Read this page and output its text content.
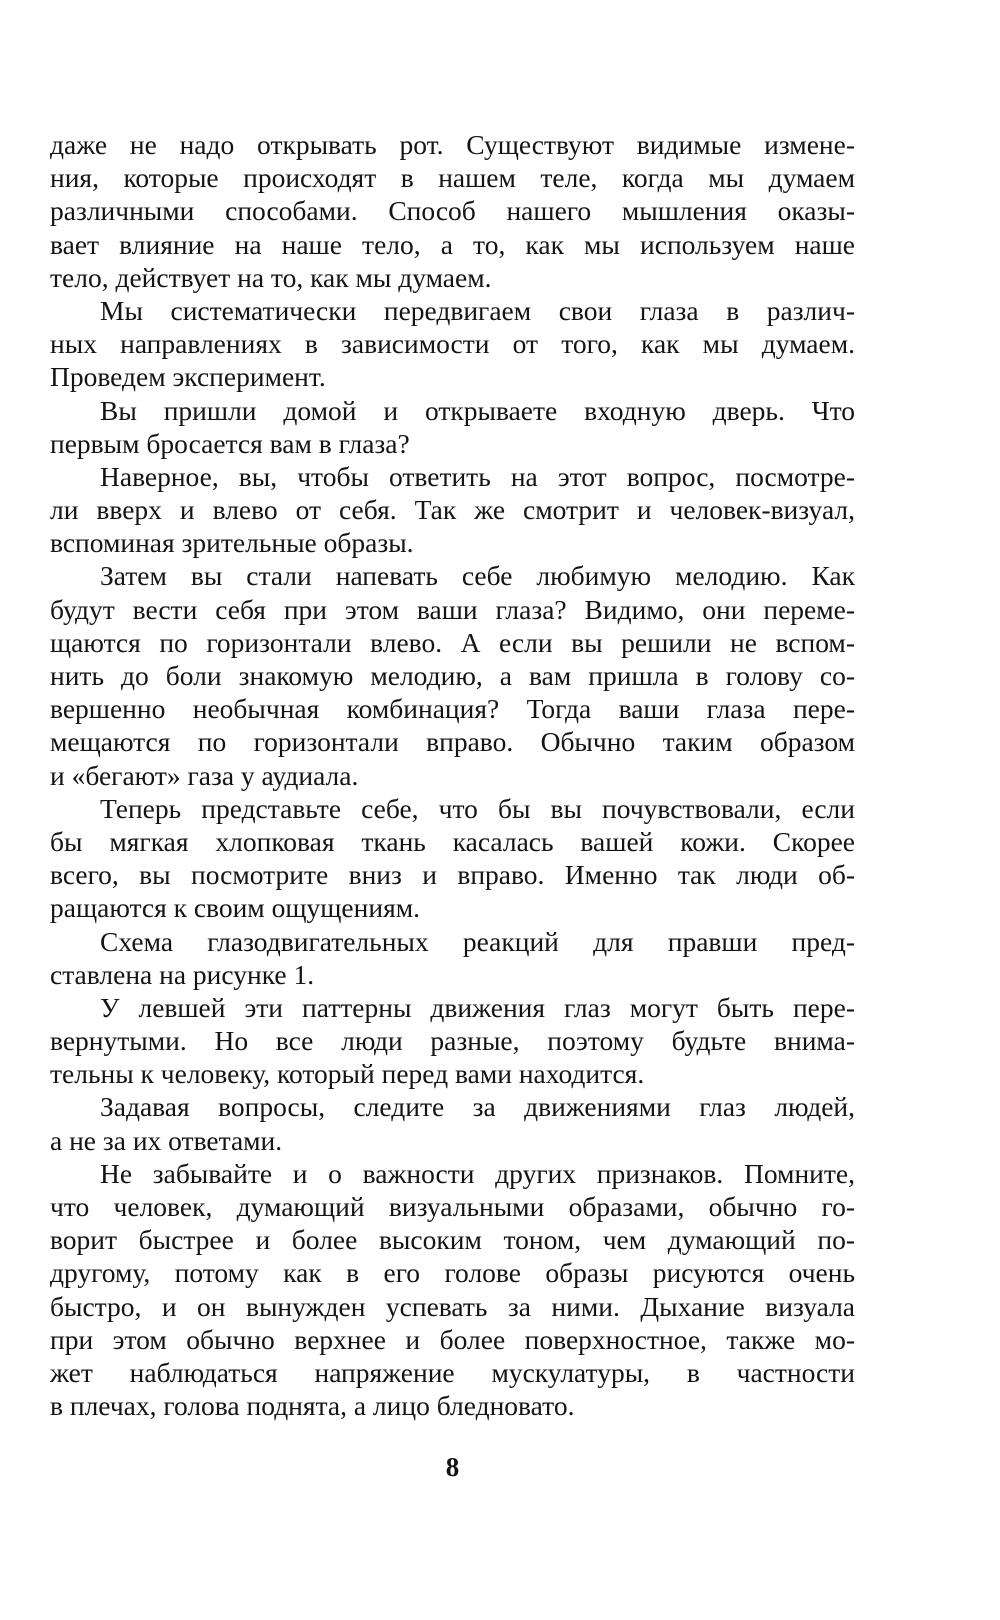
даже не надо открывать рот. Существуют видимые измене-
ния, которые происходят в нашем теле, когда мы думаем
различными способами. Способ нашего мышления оказы-
вает влияние на наше тело, а то, как мы используем наше
тело, действует на то, как мы думаем.
Мы систематически передвигаем свои глаза в различ-
ных направлениях в зависимости от того, как мы думаем.
Проведем эксперимент.
Вы пришли домой и открываете входную дверь. Что
первым бросается вам в глаза?
Наверное, вы, чтобы ответить на этот вопрос, посмотре-
ли вверх и влево от себя. Так же смотрит и человек-визуал,
вспоминая зрительные образы.
Затем вы стали напевать себе любимую мелодию. Как
будут вести себя при этом ваши глаза? Видимо, они переме-
щаются по горизонтали влево. А если вы решили не вспом-
нить до боли знакомую мелодию, а вам пришла в голову со-
вершенно необычная комбинация? Тогда ваши глаза пере-
мещаются по горизонтали вправо. Обычно таким образом
и «бегают» газа у аудиала.
Теперь представьте себе, что бы вы почувствовали, если
бы мягкая хлопковая ткань касалась вашей кожи. Скорее
всего, вы посмотрите вниз и вправо. Именно так люди об-
ращаются к своим ощущениям.
Схема глазодвигательных реакций для правши пред-
ставлена на рисунке 1.
У левшей эти паттерны движения глаз могут быть пере-
вернутыми. Но все люди разные, поэтому будьте внима-
тельны к человеку, который перед вами находится.
Задавая вопросы, следите за движениями глаз людей,
а не за их ответами.
Не забывайте и о важности других признаков. Помните,
что человек, думающий визуальными образами, обычно го-
ворит быстрее и более высоким тоном, чем думающий по-
другому, потому как в его голове образы рисуются очень
быстро, и он вынужден успевать за ними. Дыхание визуала
при этом обычно верхнее и более поверхностное, также мо-
жет наблюдаться напряжение мускулатуры, в частности
в плечах, голова поднята, а лицо бледновато.
8
